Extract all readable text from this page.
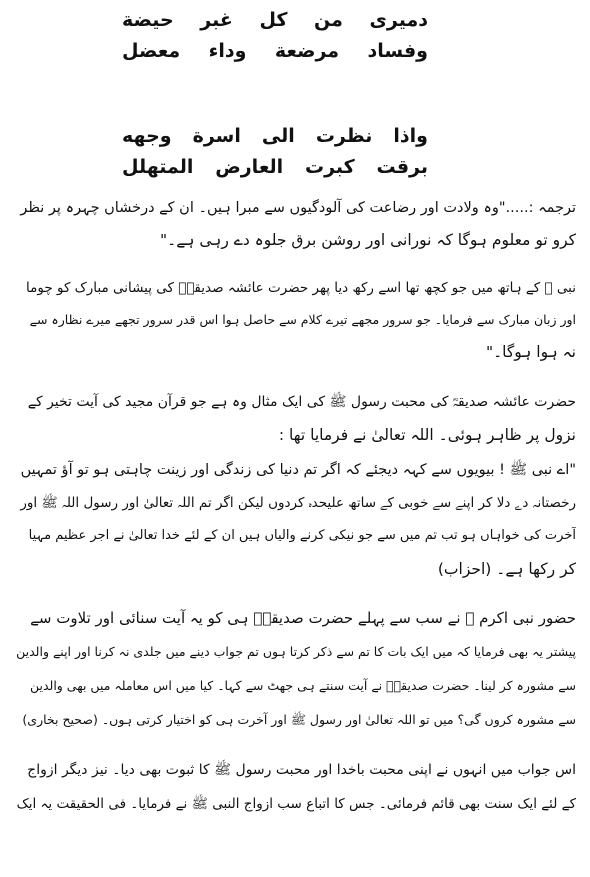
دمیری
من
کل
غبر
حیضة
وفساد
مرضعة
وداء
معضل
واذا
نظرت
الی
اسرة
وجهه
برقت
کبرت
العارض
المتھلل
ترجمہ :....."وہ ولادت اور رضاعت کی آلودگیوں سے مبرا ہیں۔ ان کے درخشاں چہرہ پر نظر
کرو تو معلوم ہوگا کہ نورانی اور روشن برق جلوہ دے رہی ہے۔"
نبی ﷺ کے ہاتھ میں جو کچھ تھا اسے رکھ دیا پھر حضرت عائشہ صدیقہؓ کی پیشانی مبارک کو چوما
اور زبان مبارک سے فرمایا۔ جو سرور مجھے تیرے کلام سے حاصل ہوا اس قدر سرور تجھے میرے نظارہ سے
نہ ہوا ہوگا۔"
حضرت عائشہ صدیقہؓ کی محبت رسول ﷺ کی ایک مثال وہ ہے جو قرآن مجید کی آیت تخیر کے
نزول پر ظاہر ہوئی۔ اللہ تعالیٰ نے فرمایا تھا :
"اے نبی ﷺ ! بیویوں سے کہہ دیجئے کہ اگر تم دنیا کی زندگی اور زینت چاہتی ہو تو آؤ تمہیں
رخصتانہ دے دلا کر اپنے سے خوبی کے ساتھ علیحدہ کردوں لیکن اگر تم اللہ تعالیٰ اور رسول اللہ ﷺ اور
آخرت کی خواہاں ہو تب تم میں سے جو نیکی کرنے والیاں ہیں ان کے لئے خدا تعالیٰ نے اجر عظیم مہیا
کر رکھا ہے۔ (احزاب)
حضور نبی اکرم ﷺ نے سب سے پہلے حضرت صدیقہؓ ہی کو یہ آیت سنائی اور تلاوت سے
پیشتر یہ بھی فرمایا کہ میں ایک بات کا تم سے ذکر کرتا ہوں تم جواب دینے میں جلدی نہ کرنا اور اپنے والدین
سے مشورہ کر لینا۔ حضرت صدیقہؓ نے آیت سنتے ہی جھٹ سے کہا۔ کیا میں اس معاملہ میں بھی والدین
سے مشورہ کروں گی؟ میں تو اللہ تعالیٰ اور رسول ﷺ اور آخرت ہی کو اختیار کرتی ہوں۔ (صحیح بخاری)
اس جواب میں انہوں نے اپنی محبت باخدا اور محبت رسول ﷺ کا ثبوت بھی دیا۔ نیز دیگر ازواج
کے لئے ایک سنت بھی قائم فرمائی۔ جس کا اتباع سب ازواج النبی ﷺ نے فرمایا۔ فی الحقیقت یہ ایک
